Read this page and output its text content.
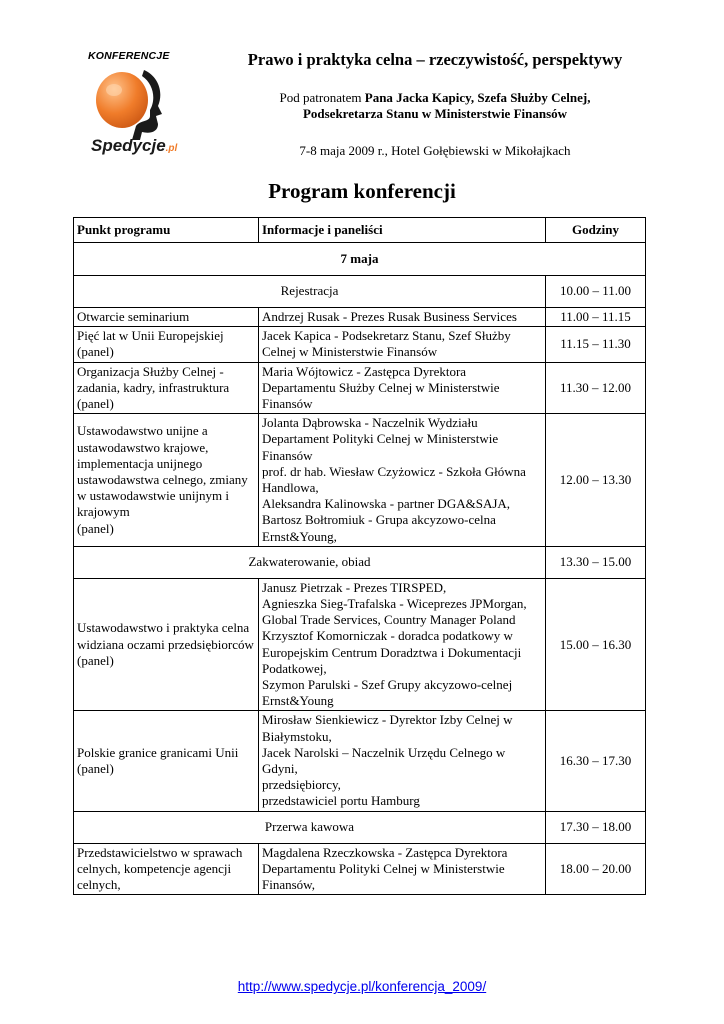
KONFERENCJE
Spedycje.pl
Prawo i praktyka celna – rzeczywistość, perspektywy
Pod patronatem Pana Jacka Kapicy, Szefa Służby Celnej,
Podsekretarza Stanu w Ministerstwie Finansów
7-8 maja 2009 r., Hotel Gołębiewski w Mikołajkach
Program konferencji
Punkt programu	Informacje i paneliści	Godziny
7 maja		
Rejestracja		10.00 – 11.00
Otwarcie seminarium	Andrzej Rusak - Prezes Rusak Business Services	11.00 – 11.15
Pięć lat w Unii Europejskiej
(panel)	Jacek Kapica - Podsekretarz Stanu, Szef Służby Celnej w Ministerstwie Finansów	11.15 – 11.30
Organizacja Służby Celnej - zadania, kadry, infrastruktura
(panel)	Maria Wójtowicz - Zastępca Dyrektora Departamentu Służby Celnej w Ministerstwie Finansów	11.30 – 12.00
Ustawodawstwo unijne a ustawodawstwo krajowe, implementacja unijnego ustawodawstwa celnego, zmiany w ustawodawstwie unijnym i krajowym
(panel)	Jolanta Dąbrowska - Naczelnik Wydziału Departament Polityki Celnej w Ministerstwie Finansów
prof. dr hab. Wiesław Czyżowicz - Szkoła Główna Handlowa,
Aleksandra Kalinowska - partner DGA&SAJA,
Bartosz Bołtromiuk - Grupa akcyzowo-celna Ernst&Young,	12.00 – 13.30
Zakwaterowanie, obiad		13.30 – 15.00
Ustawodawstwo i praktyka celna widziana oczami przedsiębiorców
(panel)	Janusz Pietrzak - Prezes TIRSPED,
Agnieszka Sieg-Trafalska - Wiceprezes JPMorgan, Global Trade Services, Country Manager Poland
Krzysztof Komorniczak - doradca podatkowy w Europejskim Centrum Doradztwa i Dokumentacji Podatkowej,
Szymon Parulski - Szef Grupy akcyzowo-celnej Ernst&Young	15.00 – 16.30
Polskie granice granicami Unii
(panel)	Mirosław Sienkiewicz - Dyrektor Izby Celnej w Białymstoku,
Jacek Narolski – Naczelnik Urzędu Celnego w Gdyni,
przedsiębiorcy,
przedstawiciel portu Hamburg	16.30 – 17.30
Przerwa kawowa		17.30 – 18.00
Przedstawicielstwo w sprawach celnych, kompetencje agencji celnych,	Magdalena Rzeczkowska - Zastępca Dyrektora Departamentu Polityki Celnej w Ministerstwie Finansów,	18.00 – 20.00
http://www.spedycje.pl/konferencja_2009/
